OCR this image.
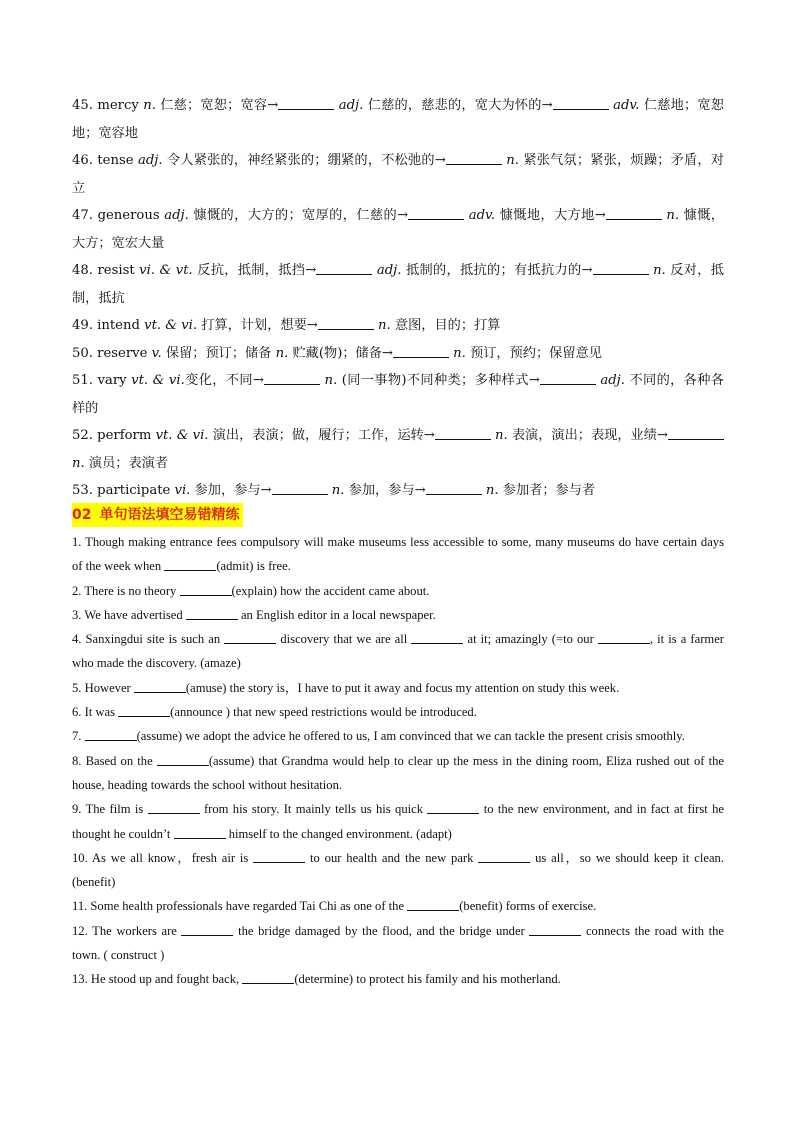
45. mercy n. 仁慈；宽恕；宽容→	adj. 仁慈的，慈悲的，宽大为怀的→	adv. 仁慈地；宽恕地；宽容地

46. tense adj. 令人紧张的，神经紧张的；绷紧的，不松弛的→	n. 紧张气氛；紧张，烦躁；矛盾，对立

47. generous adj. 慷慨的，大方的；宽厚的，仁慈的→	adv. 慷慨地，大方地→	n. 慷慨，大方；宽宏大量

48. resist vi. & vt. 反抗，抵制，抵挡→	adj. 抵制的，抵抗的；有抵抗力的→	n. 反对，抵制，抵抗

49. intend vt. & vi. 打算，计划，想要→	n. 意图，目的；打算

50. reserve v. 保留；预订；储备 n. 贮藏(物)；储备→	n. 预订，预约；保留意见

51. vary vt. & vi.变化，不同→	n. (同一事物)不同种类；多种样式→	adj. 不同的，各种各样的

52. perform vt. & vi. 演出，表演；做，履行；工作，运转→	n. 表演，演出；表现，业绩→ n. 演员；表演者

53. participate vi. 参加，参与→	n. 参加，参与→	n. 参加者；参与者

02 单句语法填空易错精练

1. Though making entrance fees compulsory will make museums less accessible to some, many museums do have certain days of the week when	(admit) is free.

2. There is no theory	(explain) how the accident came about.

3. We have advertised	an English editor in a local newspaper.

4. Sanxingdui site is such an	discovery that we are all	at it; amazingly (=to our	, it is a farmer who made the discovery. (amaze)

5. However	(amuse) the story is，I have to put it away and focus my attention on study this week.

6. It was	(announce ) that new speed restrictions would be introduced.

7.	(assume) we adopt the advice he offered to us, I am convinced that we can tackle the present crisis smoothly.

8. Based on the	(assume) that Grandma would help to clear up the mess in the dining room, Eliza rushed out of the house, heading towards the school without hesitation.

9. The film is	from his story. It mainly tells us his quick	to the new environment, and in fact at first he thought he couldn’t	himself to the changed environment. (adapt)

10. As we all know，fresh air is	to our health and the new park	us all，so we should keep it clean. (benefit)

11. Some health professionals have regarded Tai Chi as one of the	(benefit) forms of exercise.

12. The workers are	the bridge damaged by the flood, and the bridge under	connects the road with the town. ( construct )

13. He stood up and fought back,	(determine) to protect his family and his motherland.
